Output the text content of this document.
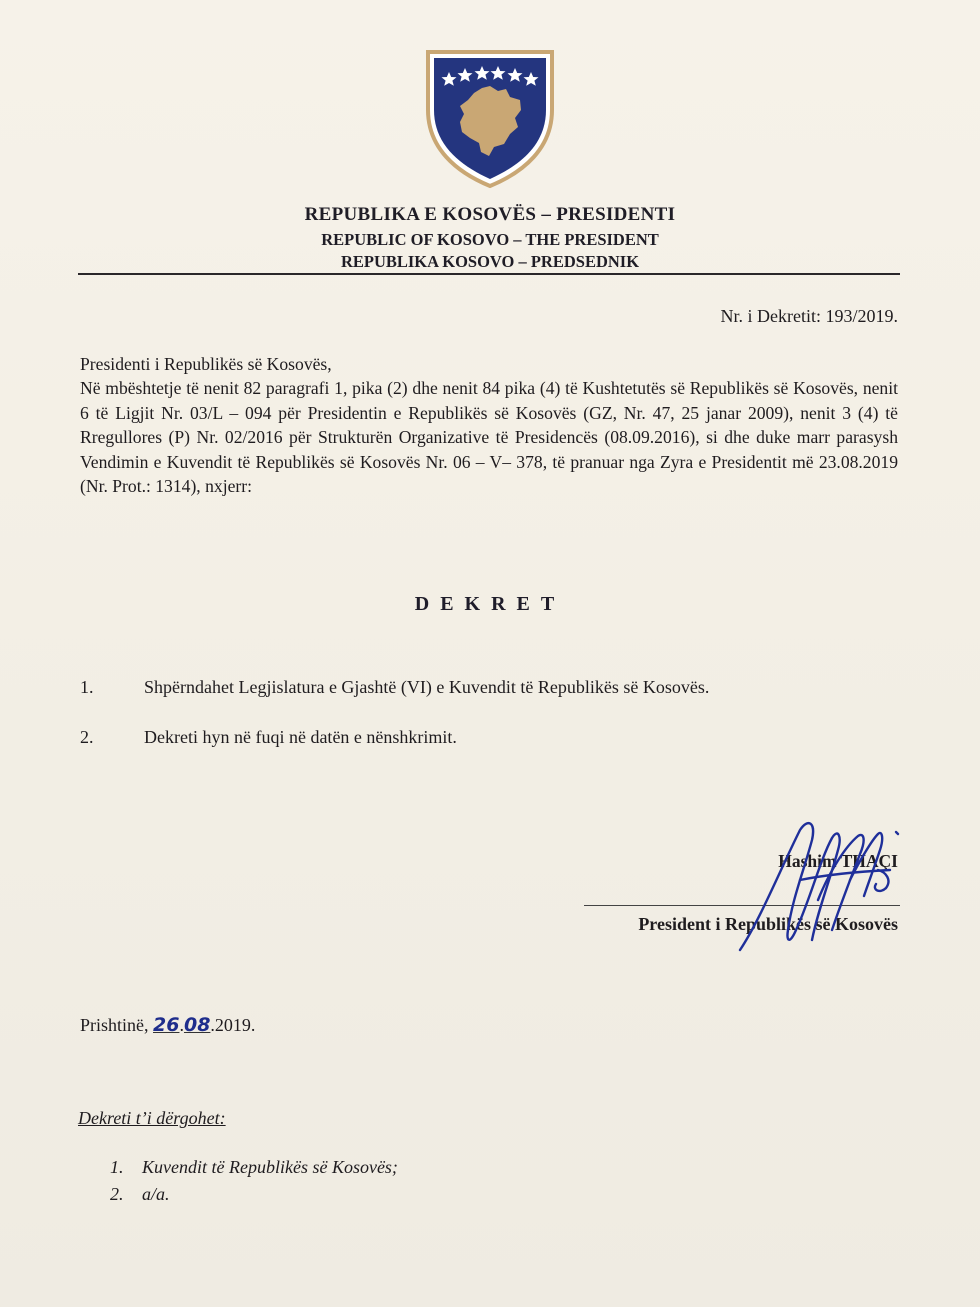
REPUBLIKA E KOSOVËS – PRESIDENTI
REPUBLIC OF KOSOVO – THE PRESIDENT
REPUBLIKA KOSOVO – PREDSEDNIK
Nr. i Dekretit: 193/2019.
Presidenti i Republikës së Kosovës,
Në mbështetje të nenit 82 paragrafi 1, pika (2) dhe nenit 84 pika (4) të Kushtetutës së Republikës së Kosovës, nenit 6 të Ligjit Nr. 03/L – 094 për Presidentin e Republikës së Kosovës (GZ, Nr. 47, 25 janar 2009), nenit 3 (4) të Rregullores (P) Nr. 02/2016 për Strukturën Organizative të Presidencës (08.09.2016), si dhe duke marr parasysh Vendimin e Kuvendit të Republikës së Kosovës Nr. 06 – V– 378, të pranuar nga Zyra e Presidentit më 23.08.2019 (Nr. Prot.: 1314), nxjerr:
DEKRET
1.	Shpërndahet Legjislatura e Gjashtë (VI) e Kuvendit të Republikës së Kosovës.
2.	Dekreti hyn në fuqi në datën e nënshkrimit.
Hashim THAÇI
President i Republikës së Kosovës
Prishtinë, 26.08.2019.
Dekreti t’i dërgohet:
1. Kuvendit të Republikës së Kosovës;
2. a/a.
